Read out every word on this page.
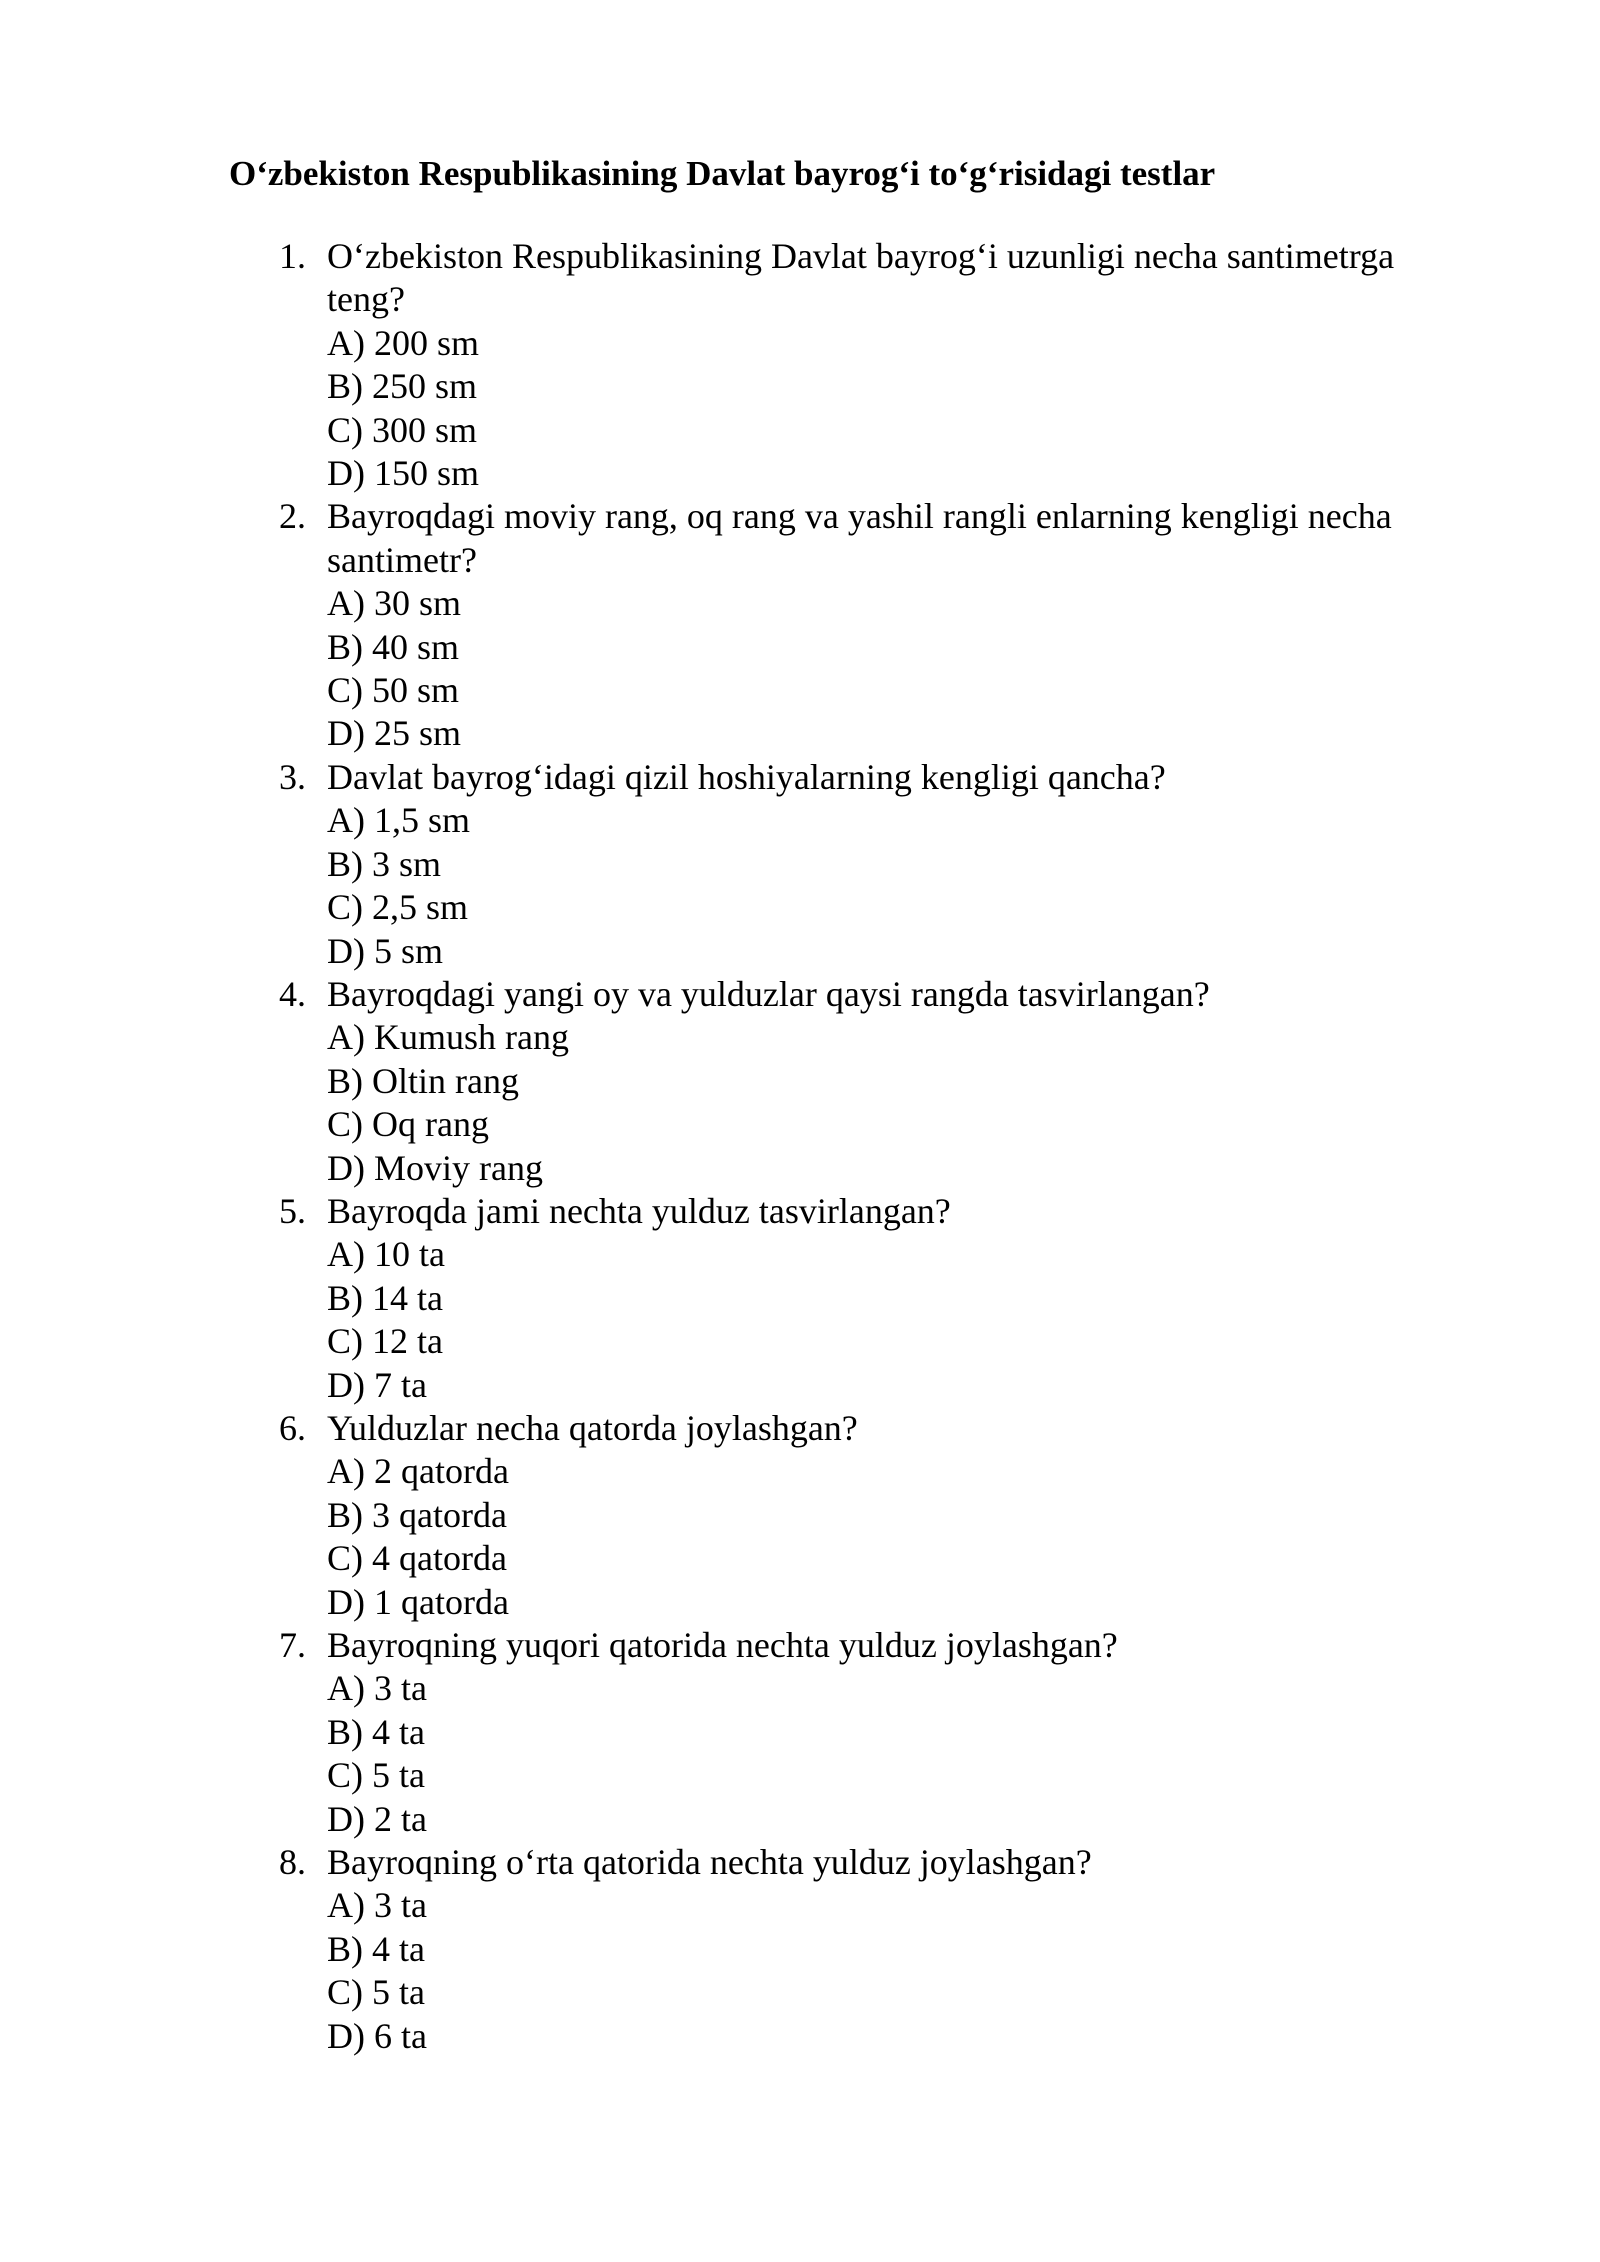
O‘zbekiston Respublikasining Davlat bayrog‘i to‘g‘risidagi testlar
1. O‘zbekiston Respublikasining Davlat bayrog‘i uzunligi necha santimetrga teng?
A) 200 sm
B) 250 sm
C) 300 sm
D) 150 sm
2. Bayroqdagi moviy rang, oq rang va yashil rangli enlarning kengligi necha santimetr?
A) 30 sm
B) 40 sm
C) 50 sm
D) 25 sm
3. Davlat bayrog‘idagi qizil hoshiyalarning kengligi qancha?
A) 1,5 sm
B) 3 sm
C) 2,5 sm
D) 5 sm
4. Bayroqdagi yangi oy va yulduzlar qaysi rangda tasvirlangan?
A) Kumush rang
B) Oltin rang
C) Oq rang
D) Moviy rang
5. Bayroqda jami nechta yulduz tasvirlangan?
A) 10 ta
B) 14 ta
C) 12 ta
D) 7 ta
6. Yulduzlar necha qatorda joylashgan?
A) 2 qatorda
B) 3 qatorda
C) 4 qatorda
D) 1 qatorda
7. Bayroqning yuqori qatorida nechta yulduz joylashgan?
A) 3 ta
B) 4 ta
C) 5 ta
D) 2 ta
8. Bayroqning o‘rta qatorida nechta yulduz joylashgan?
A) 3 ta
B) 4 ta
C) 5 ta
D) 6 ta
